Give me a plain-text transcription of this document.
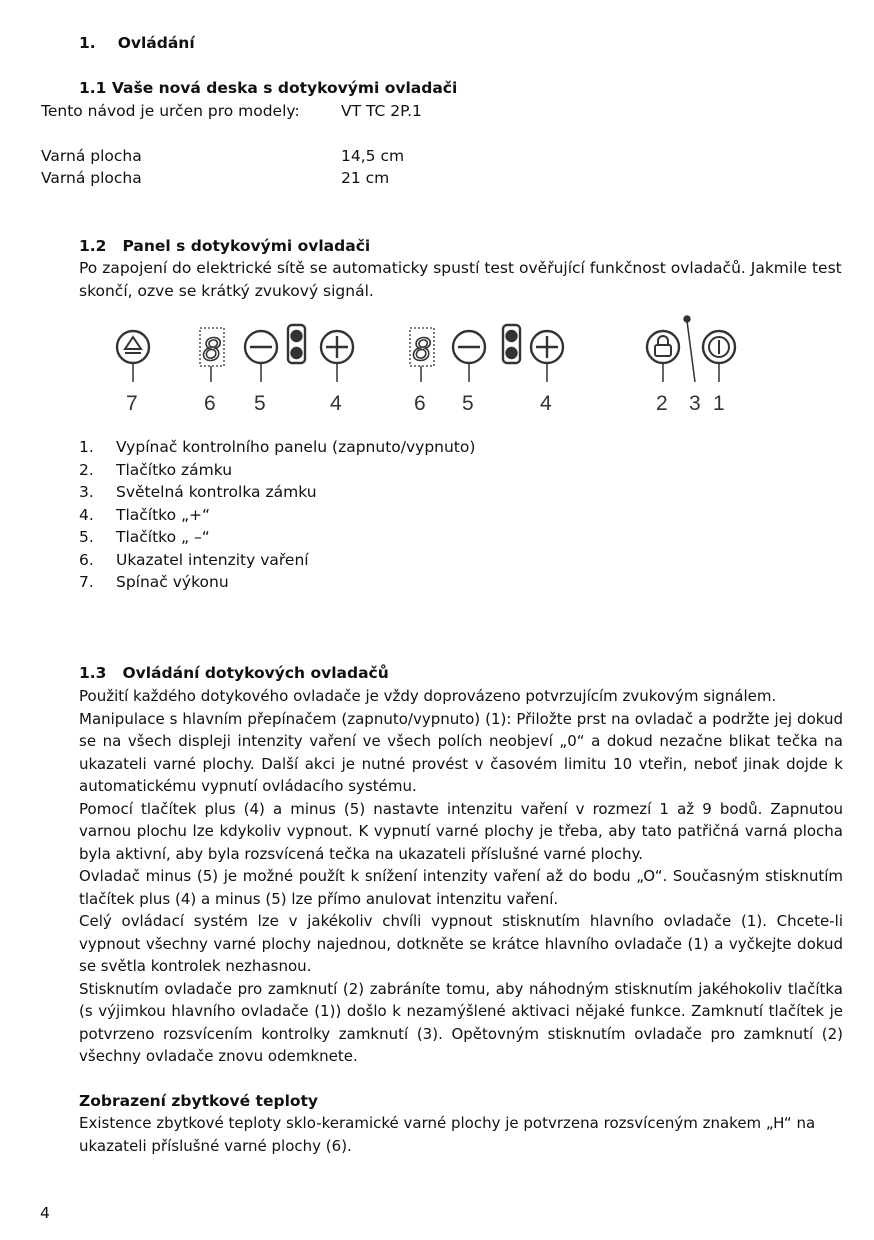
1. Ovládání
1.1 Vaše nová deska s dotykovými ovladači
Tento návod je určen pro modely:	VT TC 2P.1
Varná plocha	14,5 cm
Varná plocha	21 cm
1.2 Panel s dotykovými ovladači
Po zapojení do elektrické sítě se automaticky spustí test ověřující funkčnost ovladačů. Jakmile test
skončí, ozve se krátký zvukový signál.
8	8
7	6 5	4	6 5	4	2 3 1
1. Vypínač kontrolního panelu (zapnuto/vypnuto)
2. Tlačítko zámku
3. Světelná kontrolka zámku
4. Tlačítko „+“
5. Tlačítko „ –“
6. Ukazatel intenzity vaření
7. Spínač výkonu
1.3 Ovládání dotykových ovladačů

Použití každého dotykového ovladače je vždy doprovázeno potvrzujícím zvukovým signálem.

Manipulace s hlavním přepínačem (zapnuto/vypnuto) (1): Přiložte prst na ovladač a podržte jej dokud se na všech displeji intenzity vaření ve všech polích neobjeví „0“ a dokud nezačne blikat tečka na ukazateli varné plochy. Další akci je nutné provést v časovém limitu 10 vteřin, neboť jinak dojde k automatickému vypnutí ovládacího systému.

Pomocí tlačítek plus (4) a minus (5) nastavte intenzitu vaření v rozmezí 1 až 9 bodů. Zapnutou varnou plochu lze kdykoliv vypnout. K vypnutí varné plochy je třeba, aby tato patřičná varná plocha byla aktivní, aby byla rozsvícená tečka na ukazateli příslušné varné plochy.

Ovladač minus (5) je možné použít k snížení intenzity vaření až do bodu „O“. Současným stisknutím tlačítek plus (4) a minus (5) lze přímo anulovat intenzitu vaření.

Celý ovládací systém lze v jakékoliv chvíli vypnout stisknutím hlavního ovladače (1). Chcete-li vypnout všechny varné plochy najednou, dotkněte se krátce hlavního ovladače (1) a vyčkejte dokud se světla kontrolek nezhasnou.

Stisknutím ovladače pro zamknutí (2) zabráníte tomu, aby náhodným stisknutím jakéhokoliv tlačítka (s výjimkou hlavního ovladače (1)) došlo k nezamýšlené aktivaci nějaké funkce. Zamknutí tlačítek je potvrzeno rozsvícením kontrolky zamknutí (3). Opětovným stisknutím ovladače pro zamknutí (2) všechny ovladače znovu odemknete.

Zobrazení zbytkové teploty
Existence zbytkové teploty sklo-keramické varné plochy je potvrzena rozsvíceným znakem „H“ na ukazateli příslušné varné plochy (6).
4
